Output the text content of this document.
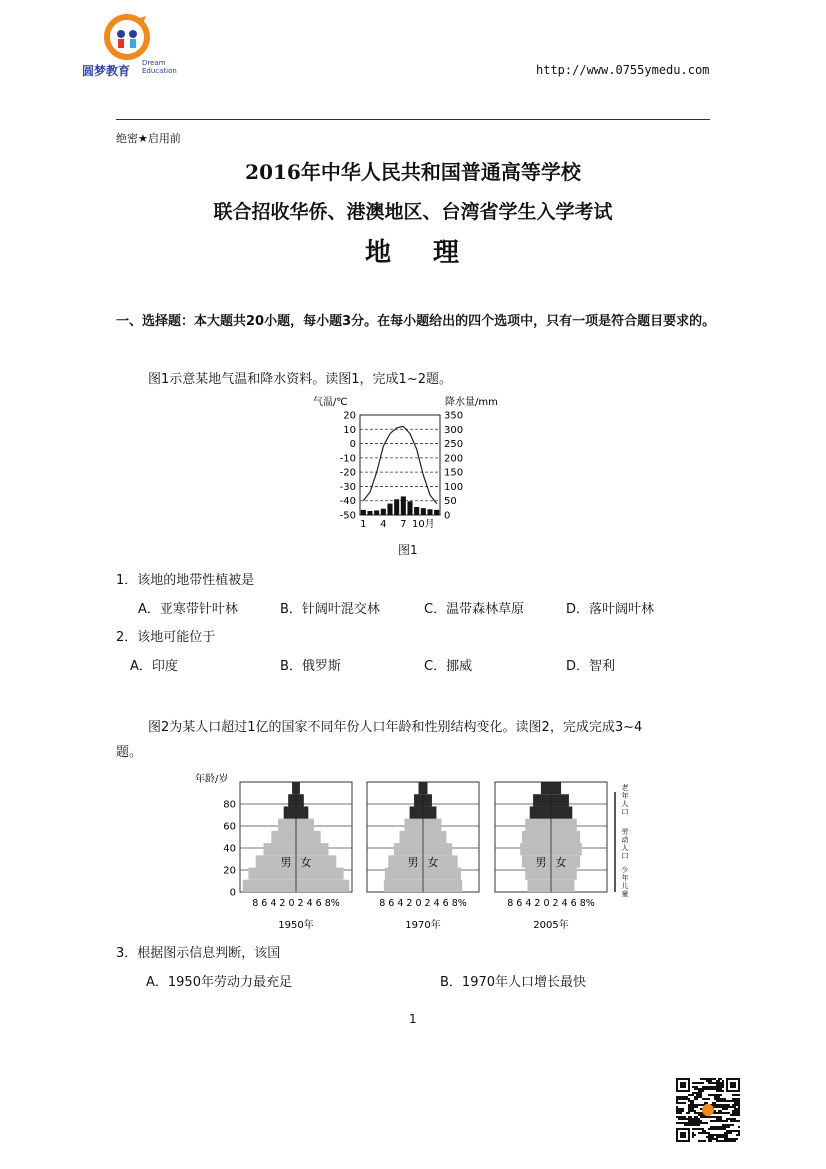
圆梦教育
Dream
Education	http://www.0755ymedu.com
绝密★启用前
2016年中华人民共和国普通高等学校
联合招收华侨、港澳地区、台湾省学生入学考试
地理
一、选择题：本大题共20小题，每小题3分。在每小题给出的四个选项中，只有一项是符合题目要求的。
图1示意某地气温和降水资料。读图1，完成1~2题。
气温/℃	降水量/mm
20	350
10	300
0	250
-10	200
-20	150
-30	100
-40	50
-50	0
1 4 7 10月
图1
1．该地的地带性植被是
A．亚寒带针叶林	B．针阔叶混交林	C．温带森林草原	D．落叶阔叶林
2．该地可能位于
A．印度	B．俄罗斯	C．挪威	D．智利
图2为某人口超过1亿的国家不同年份人口年龄和性别结构变化。读图2，完成完成3~4
题。
年龄/岁
80
60
40
20
0
男 女
8 6 4 2 0 2 4 6 8%
1950年
男 女
8 6 4 2 0 2 4 6 8%
1970年
男 女
8 6 4 2 0 2 4 6 8%
2005年
老
年
人
口
劳
动
人
口
少
年
儿
童
3．根据图示信息判断，该国
A．1950年劳动力最充足	B．1970年人口增长最快
1
